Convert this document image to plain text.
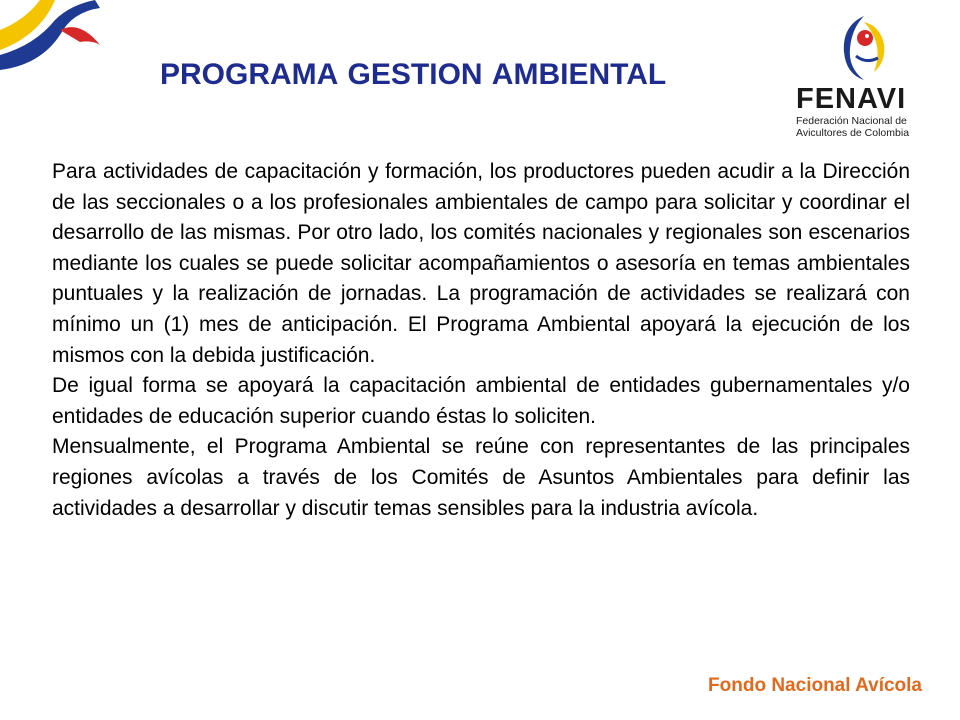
PROGRAMA GESTION AMBIENTAL
FENAVI
Federación Nacional de
Avicultores de Colombia

Para actividades de capacitación y formación, los productores pueden acudir a la Dirección de las seccionales o a los profesionales ambientales de campo para solicitar y coordinar el desarrollo de las mismas. Por otro lado, los comités nacionales y regionales son escenarios mediante los cuales se puede solicitar acompañamientos o asesoría en temas ambientales puntuales y la realización de jornadas. La programación de actividades se realizará con mínimo un (1) mes de anticipación. El Programa Ambiental apoyará la ejecución de los mismos con la debida justificación.

De igual forma se apoyará la capacitación ambiental de entidades gubernamentales y/o entidades de educación superior cuando éstas lo soliciten.

Mensualmente, el Programa Ambiental se reúne con representantes de las principales regiones avícolas a través de los Comités de Asuntos Ambientales para definir las actividades a desarrollar y discutir temas sensibles para la industria avícola.

Fondo Nacional Avícola
